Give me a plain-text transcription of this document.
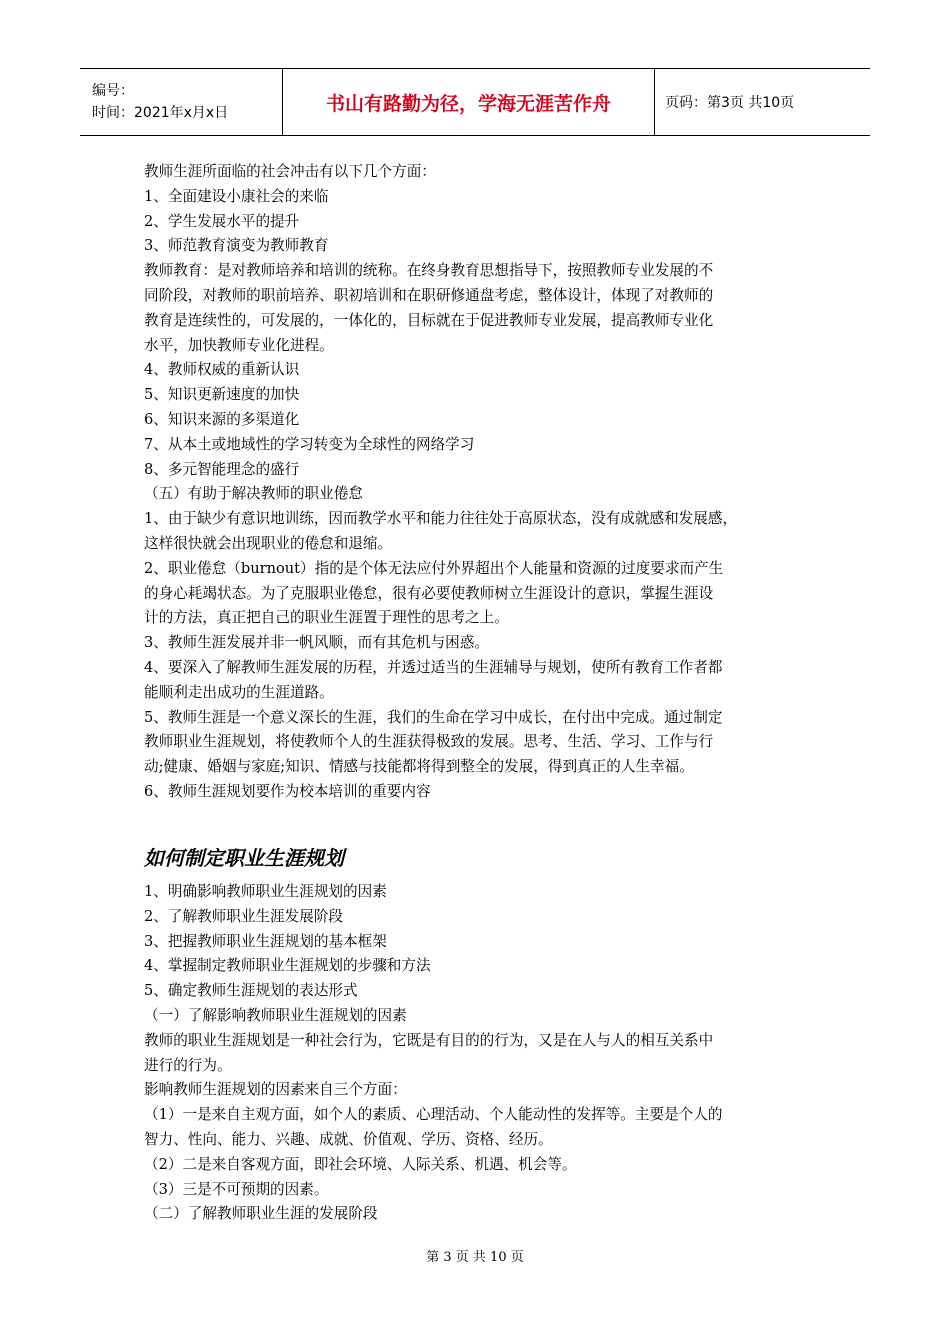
编号：
时间：2021年x月x日	书山有路勤为径，学海无涯苦作舟	页码：第3页 共10页

教师生涯所面临的社会冲击有以下几个方面：

1、全面建设小康社会的来临

2、学生发展水平的提升

3、师范教育演变为教师教育

教师教育：是对教师培养和培训的统称。在终身教育思想指导下，按照教师专业发展的不

同阶段，对教师的职前培养、职初培训和在职研修通盘考虑，整体设计，体现了对教师的

教育是连续性的，可发展的，一体化的，目标就在于促进教师专业发展，提高教师专业化

水平，加快教师专业化进程。

4、教师权威的重新认识

5、知识更新速度的加快

6、知识来源的多渠道化

7、从本土或地域性的学习转变为全球性的网络学习

8、多元智能理念的盛行

（五）有助于解决教师的职业倦怠

1、由于缺少有意识地训练，因而教学水平和能力往往处于高原状态，没有成就感和发展感，

这样很快就会出现职业的倦怠和退缩。

2、职业倦怠（burnout）指的是个体无法应付外界超出个人能量和资源的过度要求而产生

的身心耗竭状态。为了克服职业倦怠，很有必要使教师树立生涯设计的意识，掌握生涯设

计的方法，真正把自己的职业生涯置于理性的思考之上。

3、教师生涯发展并非一帆风顺，而有其危机与困惑。

4、要深入了解教师生涯发展的历程，并透过适当的生涯辅导与规划，使所有教育工作者都

能顺利走出成功的生涯道路。

5、教师生涯是一个意义深长的生涯，我们的生命在学习中成长，在付出中完成。通过制定

教师职业生涯规划，将使教师个人的生涯获得极致的发展。思考、生活、学习、工作与行

动;健康、婚姻与家庭;知识、情感与技能都将得到整全的发展，得到真正的人生幸福。

6、教师生涯规划要作为校本培训的重要内容

如何制定职业生涯规划

1、明确影响教师职业生涯规划的因素

2、了解教师职业生涯发展阶段

3、把握教师职业生涯规划的基本框架

4、掌握制定教师职业生涯规划的步骤和方法

5、确定教师生涯规划的表达形式

（一）了解影响教师职业生涯规划的因素

教师的职业生涯规划是一种社会行为，它既是有目的的行为，又是在人与人的相互关系中

进行的行为。

影响教师生涯规划的因素来自三个方面：

（1）一是来自主观方面，如个人的素质、心理活动、个人能动性的发挥等。主要是个人的

智力、性向、能力、兴趣、成就、价值观、学历、资格、经历。

（2）二是来自客观方面，即社会环境、人际关系、机遇、机会等。

（3）三是不可预期的因素。

（二）了解教师职业生涯的发展阶段

第 3 页 共 10 页
